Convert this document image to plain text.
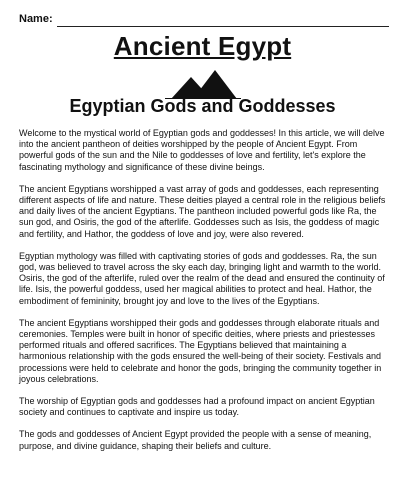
Name:
Ancient Egypt
Egyptian Gods and Goddesses

Welcome to the mystical world of Egyptian gods and goddesses! In this article, we will delve into the ancient pantheon of deities worshipped by the people of Ancient Egypt. From powerful gods of the sun and the Nile to goddesses of love and fertility, let's explore the fascinating mythology and significance of these divine beings.

The ancient Egyptians worshipped a vast array of gods and goddesses, each representing different aspects of life and nature. These deities played a central role in the religious beliefs and daily lives of the ancient Egyptians. The pantheon included powerful gods like Ra, the sun god, and Osiris, the god of the afterlife. Goddesses such as Isis, the goddess of magic and fertility, and Hathor, the goddess of love and joy, were also revered.

Egyptian mythology was filled with captivating stories of gods and goddesses. Ra, the sun god, was believed to travel across the sky each day, bringing light and warmth to the world. Osiris, the god of the afterlife, ruled over the realm of the dead and ensured the continuity of life. Isis, the powerful goddess, used her magical abilities to protect and heal. Hathor, the embodiment of femininity, brought joy and love to the lives of the Egyptians.

The ancient Egyptians worshipped their gods and goddesses through elaborate rituals and ceremonies. Temples were built in honor of specific deities, where priests and priestesses performed rituals and offered sacrifices. The Egyptians believed that maintaining a harmonious relationship with the gods ensured the well-being of their society. Festivals and processions were held to celebrate and honor the gods, bringing the community together in joyous celebrations.

The worship of Egyptian gods and goddesses had a profound impact on ancient Egyptian society and continues to captivate and inspire us today.

The gods and goddesses of Ancient Egypt provided the people with a sense of meaning, purpose, and divine guidance, shaping their beliefs and culture.
